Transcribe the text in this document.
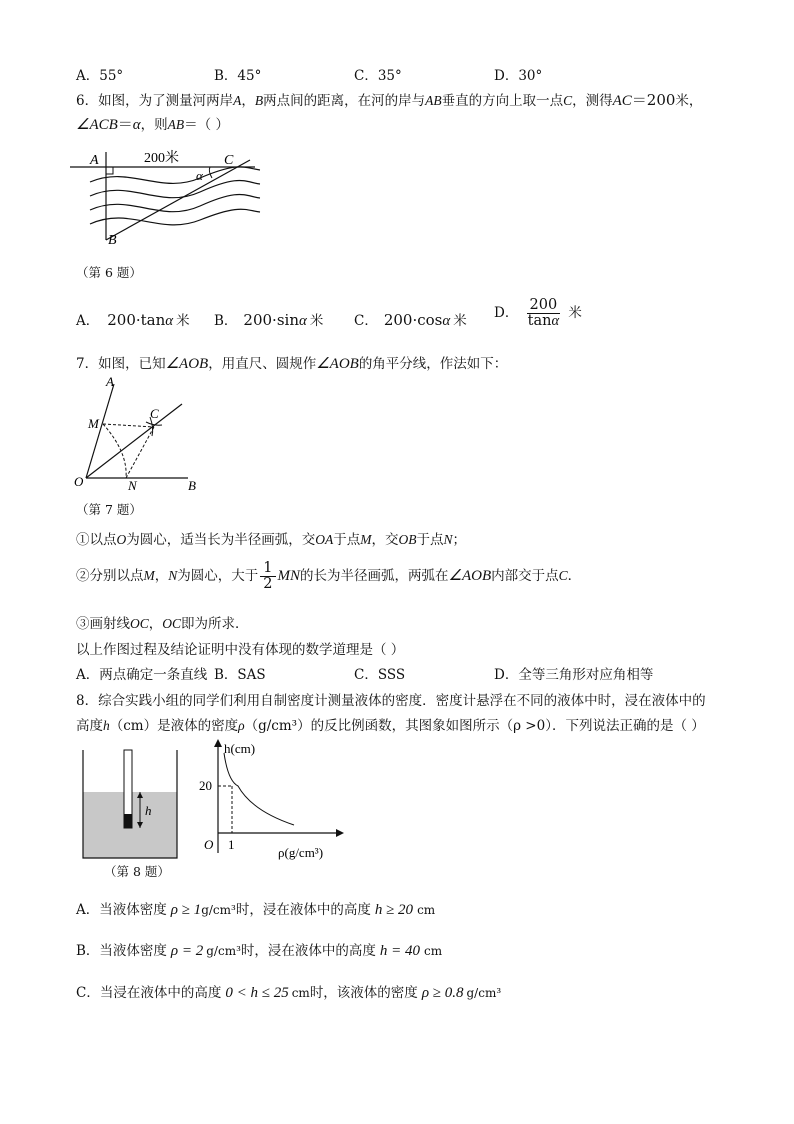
A．55°	B．45°	C．35°	D．30°
6．如图，为了测量河两岸A，B两点间的距离，在河的岸与AB垂直的方向上取一点C，测得AC＝200米，
∠ACB＝α，则AB＝（ ）
A	200米	C
α
B
（第 6 题）
A． 200·tanα 米 B． 200·sinα 米 C． 200·cosα 米 D． $\frac{200}{\tan\alpha}$ 米
7．如图，已知∠AOB，用直尺、圆规作∠AOB的角平分线，作法如下：
A
M
C
O	N	B
（第 7 题）
①以点O为圆心，适当长为半径画弧，交OA于点M，交OB于点N；
②分别以点M，N为圆心，大于 $\frac{1}{2}$ MN的长为半径画弧，两弧在∠AOB内部交于点C．
③画射线OC，OC即为所求．
以上作图过程及结论证明中没有体现的数学道理是（ ）
A．两点确定一条直线 B．SAS	C．SSS	D．全等三角形对应角相等
8．综合实践小组的同学们利用自制密度计测量液体的密度．密度计悬浮在不同的液体中时，浸在液体中的
高度h（cm）是液体的密度ρ（g/cm³）的反比例函数，其图象如图所示（ρ >0）．下列说法正确的是（ ）
h
（第 8 题）
h(cm)
20
O 1
ρ(g/cm³)
A．当液体密度 ρ ≥ 1g/cm³时，浸在液体中的高度 h ≥ 20 cm
B．当液体密度 ρ = 2 g/cm³时，浸在液体中的高度 h = 40 cm
C．当浸在液体中的高度 0 < h ≤ 25 cm时，该液体的密度 ρ ≥ 0.8 g/cm³
